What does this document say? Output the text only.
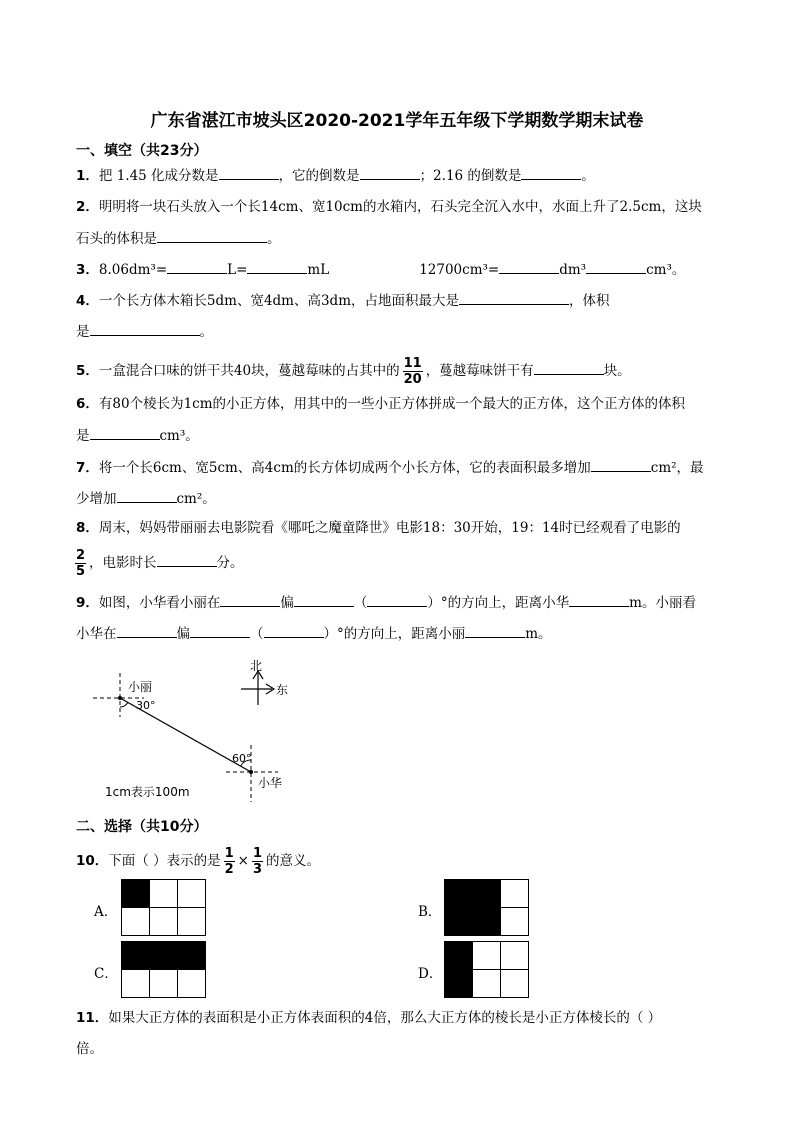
广东省湛江市坡头区2020-2021学年五年级下学期数学期末试卷
一、填空（共23分）
1．把 1.45 化成分数是	，它的倒数是	；2.16 的倒数是	。
2．明明将一块石头放入一个长14cm、宽10cm的水箱内，石头完全沉入水中，水面上升了2.5cm，这块
石头的体积是	。
3．8.06dm³=	L=	mL	12700cm³=	dm³	cm³。
4．一个长方体木箱长5dm、宽4dm、高3dm，占地面积最大是	，体积
是	。
5．一盒混合口味的饼干共40块，蔓越莓味的占其中的 $\frac{11}{20}$ ，蔓越莓味饼干有	块。
6．有80个棱长为1cm的小正方体，用其中的一些小正方体拼成一个最大的正方体，这个正方体的体积
是	cm³。
7．将一个长6cm、宽5cm、高4cm的长方体切成两个小长方体，它的表面积最多增加	cm²，最
少增加	cm²。
8．周末，妈妈带丽丽去电影院看《哪吒之魔童降世》电影18：30开始，19：14时已经观看了电影的
$\frac{2}{5}$ ，电影时长	分。
9．如图，小华看小丽在	偏	（	）°的方向上，距离小华	m。小丽看
小华在	偏	（	）°的方向上，距离小丽	m。
北
东
小丽
30°
60°
小华
1cm表示100m
二、选择（共10分）
10．下面（ ）表示的是 $\frac{1}{2} \times \frac{1}{3}$ 的意义。
A．

			B．

C．

			D．

11．如果大正方体的表面积是小正方体表面积的4倍，那么大正方体的棱长是小正方体棱长的（ ）
倍。
